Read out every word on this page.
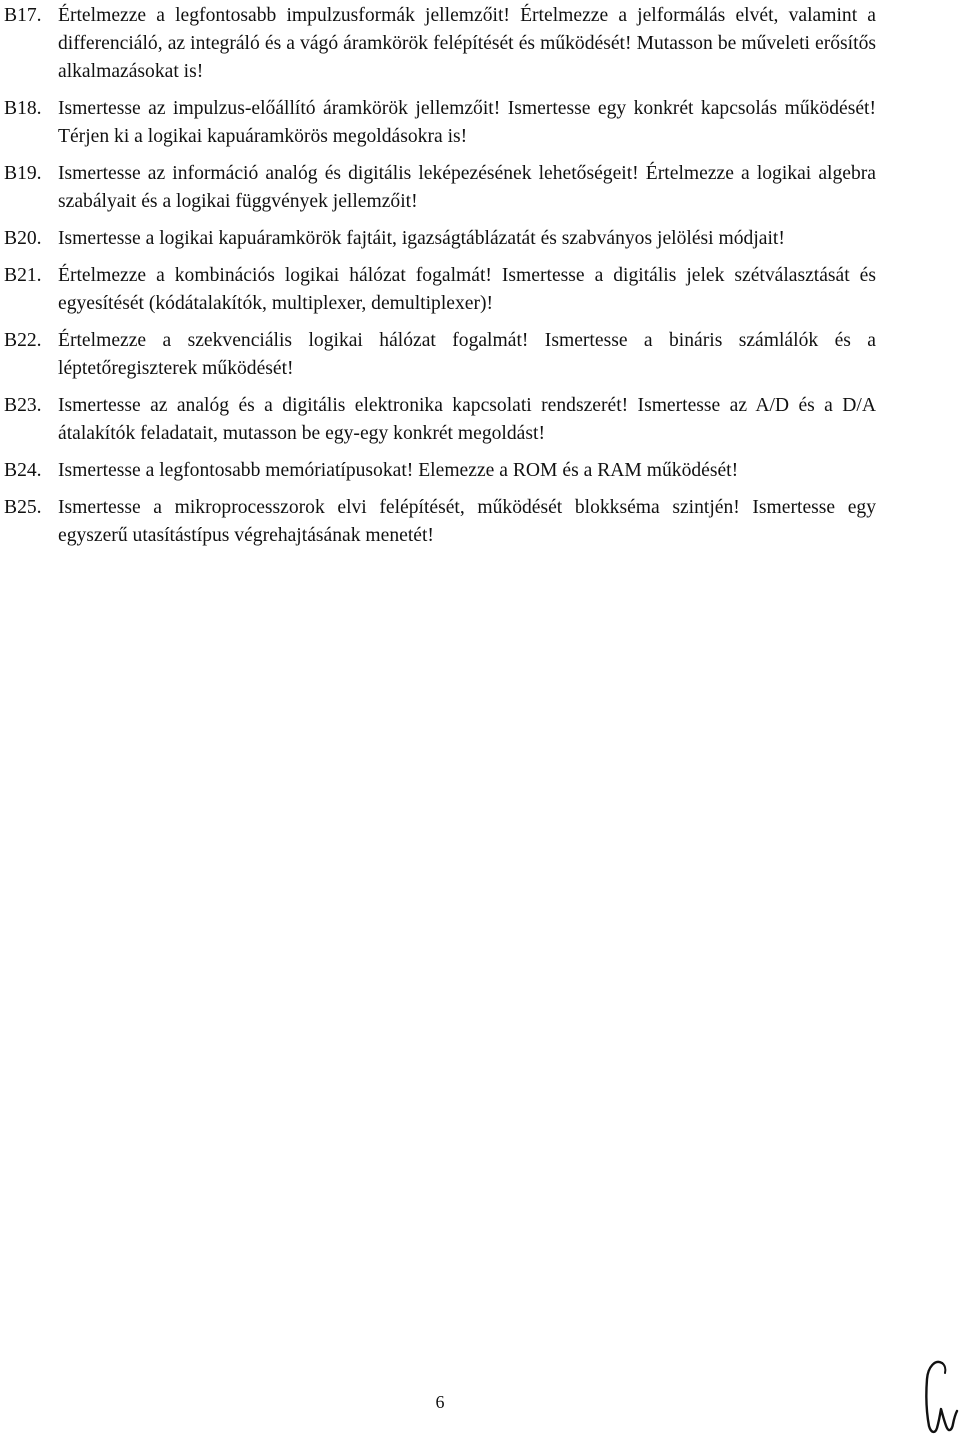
B17. Értelmezze a legfontosabb impulzusformák jellemzőit! Értelmezze a jelformálás elvét, valamint a differenciáló, az integráló és a vágó áramkörök felépítését és működését! Mutasson be műveleti erősítős alkalmazásokat is!
B18. Ismertesse az impulzus-előállító áramkörök jellemzőit! Ismertesse egy konkrét kapcsolás működését! Térjen ki a logikai kapuáramkörös megoldásokra is!
B19. Ismertesse az információ analóg és digitális leképezésének lehetőségeit! Értelmezze a logikai algebra szabályait és a logikai függvények jellemzőit!
B20. Ismertesse a logikai kapuáramkörök fajtáit, igazságtáblázatát és szabványos jelölési módjait!
B21. Értelmezze a kombinációs logikai hálózat fogalmát! Ismertesse a digitális jelek szétválasztását és egyesítését (kódátalakítók, multiplexer, demultiplexer)!
B22. Értelmezze a szekvenciális logikai hálózat fogalmát! Ismertesse a bináris számlálók és a léptetőregiszterek működését!
B23. Ismertesse az analóg és a digitális elektronika kapcsolati rendszerét! Ismertesse az A/D és a D/A átalakítók feladatait, mutasson be egy-egy konkrét megoldást!
B24. Ismertesse a legfontosabb memóriatípusokat! Elemezze a ROM és a RAM működését!
B25. Ismertesse a mikroprocesszorok elvi felépítését, működését blokkséma szintjén! Ismertesse egy egyszerű utasítástípus végrehajtásának menetét!
6
